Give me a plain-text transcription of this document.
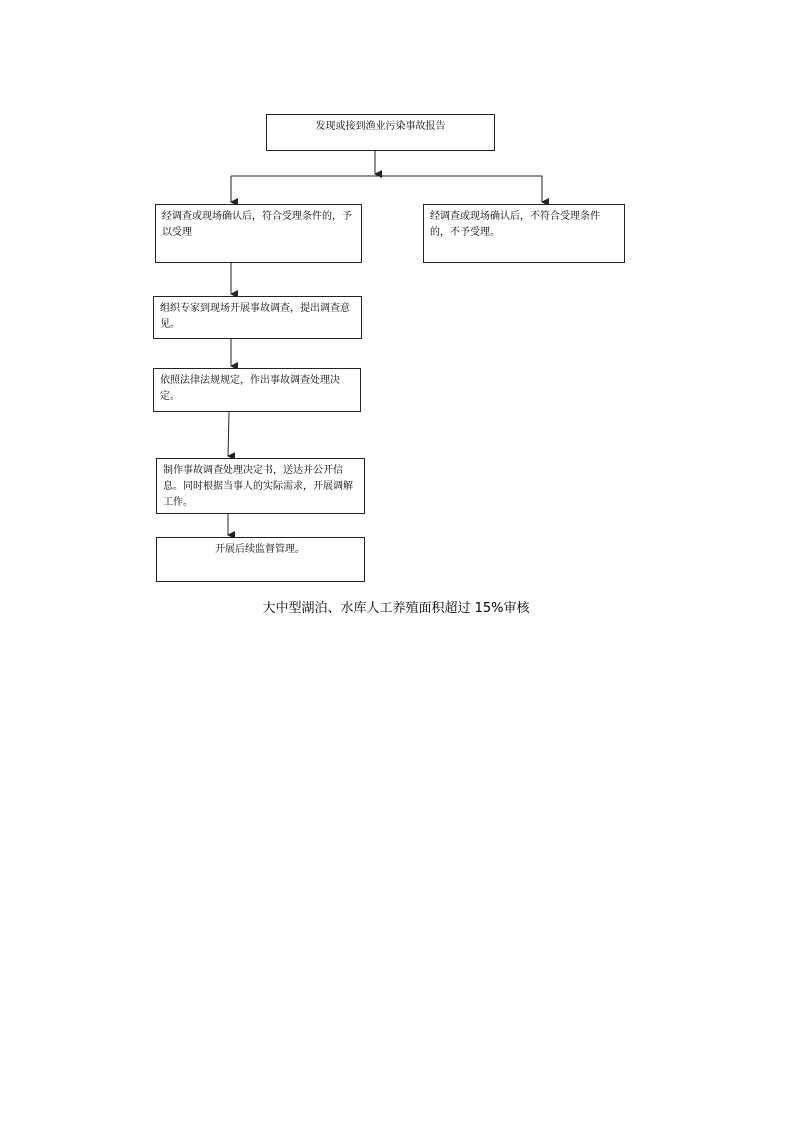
发现或接到渔业污染事故报告
经调查或现场确认后，符合受理条件的，予以受理
经调查或现场确认后，不符合受理条件的，不予受理。
组织专家到现场开展事故调查，提出调查意见。
依照法律法规规定，作出事故调查处理决定。
制作事故调查处理决定书，送达并公开信息。同时根据当事人的实际需求，开展调解工作。
开展后续监督管理。
大中型湖泊、水库人工养殖面积超过 15%审核
